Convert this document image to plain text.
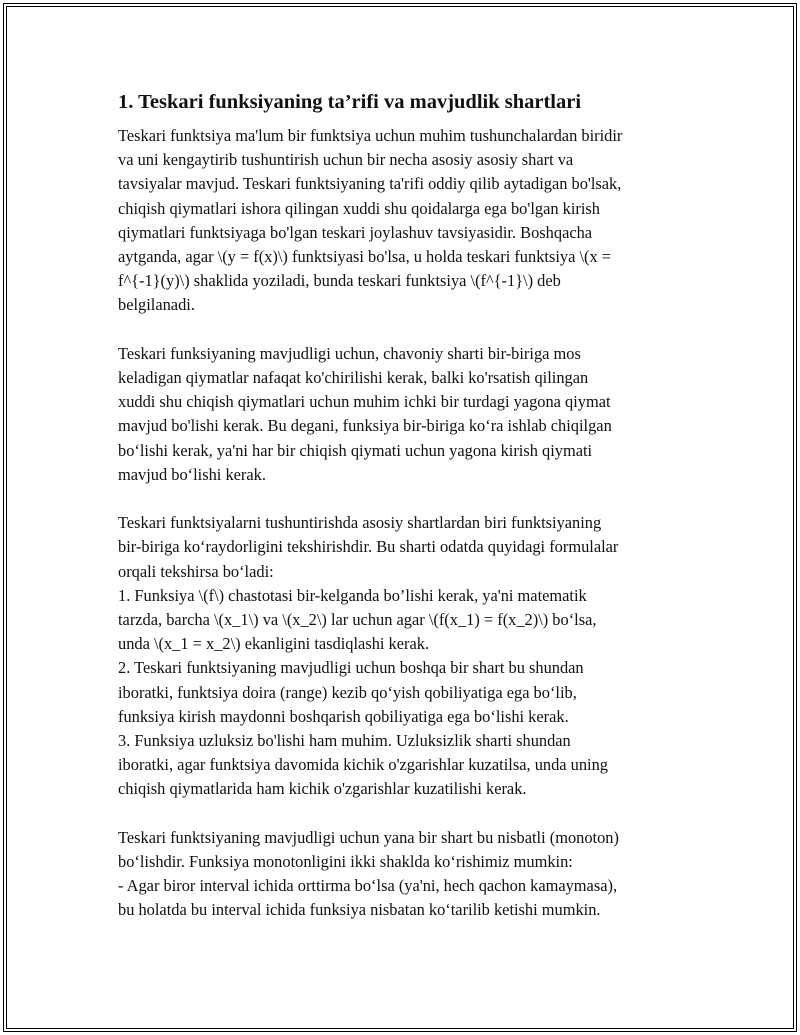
1. Teskari funksiyaning ta’rifi va mavjudlik shartlari
Teskari funktsiya ma'lum bir funktsiya uchun muhim tushunchalardan biridir
va uni kengaytirib tushuntirish uchun bir necha asosiy asosiy shart va
tavsiyalar mavjud. Teskari funktsiyaning ta'rifi oddiy qilib aytadigan bo'lsak,
chiqish qiymatlari ishora qilingan xuddi shu qoidalarga ega bo'lgan kirish
qiymatlari funktsiyaga bo'lgan teskari joylashuv tavsiyasidir. Boshqacha
aytganda, agar \(y = f(x)\) funktsiyasi bo'lsa, u holda teskari funktsiya \(x =
f^{-1}(y)\) shaklida yoziladi, bunda teskari funktsiya \(f^{-1}\) deb
belgilanadi.
Teskari funksiyaning mavjudligi uchun, chavoniy sharti bir-biriga mos
keladigan qiymatlar nafaqat ko'chirilishi kerak, balki ko'rsatish qilingan
xuddi shu chiqish qiymatlari uchun muhim ichki bir turdagi yagona qiymat
mavjud bo'lishi kerak. Bu degani, funksiya bir-biriga ko‘ra ishlab chiqilgan
bo‘lishi kerak, ya'ni har bir chiqish qiymati uchun yagona kirish qiymati
mavjud bo‘lishi kerak.
Teskari funktsiyalarni tushuntirishda asosiy shartlardan biri funktsiyaning
bir-biriga ko‘raydorligini tekshirishdir. Bu sharti odatda quyidagi formulalar
orqali tekshirsa bo‘ladi:
1. Funksiya \(f\) chastotasi bir-kelganda bo’lishi kerak, ya'ni matematik
tarzda, barcha \(x_1\) va \(x_2\) lar uchun agar \(f(x_1) = f(x_2)\) bo‘lsa,
unda \(x_1 = x_2\) ekanligini tasdiqlashi kerak.
2. Teskari funktsiyaning mavjudligi uchun boshqa bir shart bu shundan
iboratki, funktsiya doira (range) kezib qo‘yish qobiliyatiga ega bo‘lib,
funksiya kirish maydonni boshqarish qobiliyatiga ega bo‘lishi kerak.
3. Funksiya uzluksiz bo'lishi ham muhim. Uzluksizlik sharti shundan
iboratki, agar funktsiya davomida kichik o'zgarishlar kuzatilsa, unda uning
chiqish qiymatlarida ham kichik o'zgarishlar kuzatilishi kerak.
Teskari funktsiyaning mavjudligi uchun yana bir shart bu nisbatli (monoton)
bo‘lishdir. Funksiya monotonligini ikki shaklda ko‘rishimiz mumkin:
- Agar biror interval ichida orttirma bo‘lsa (ya'ni, hech qachon kamaymasa),
bu holatda bu interval ichida funksiya nisbatan ko‘tarilib ketishi mumkin.
